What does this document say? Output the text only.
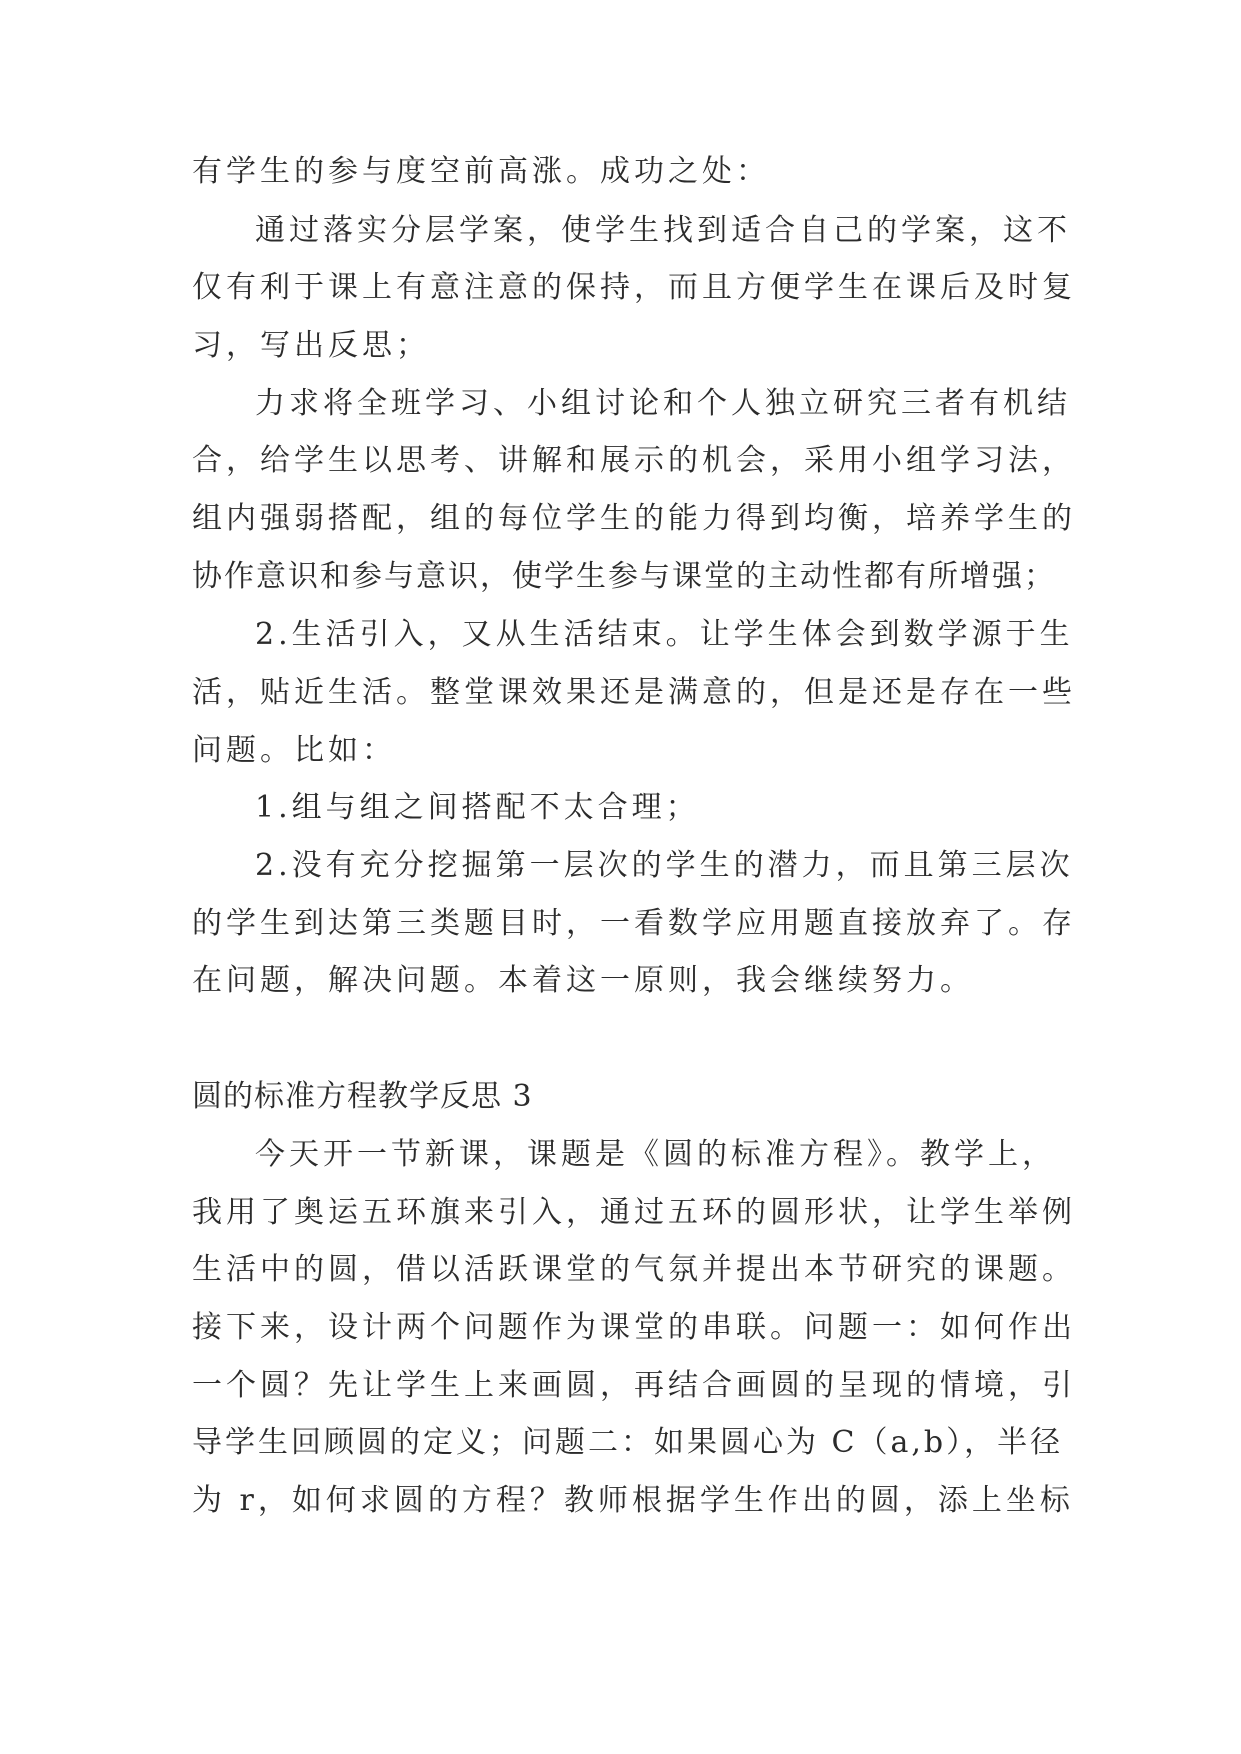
有学生的参与度空前高涨。成功之处：
通过落实分层学案，使学生找到适合自己的学案，这不
仅有利于课上有意注意的保持，而且方便学生在课后及时复
习，写出反思；
力求将全班学习、小组讨论和个人独立研究三者有机结
合，给学生以思考、讲解和展示的机会，采用小组学习法，
组内强弱搭配，组的每位学生的能力得到均衡，培养学生的
协作意识和参与意识，使学生参与课堂的主动性都有所增强；
2.生活引入，又从生活结束。让学生体会到数学源于生
活，贴近生活。整堂课效果还是满意的，但是还是存在一些
问题。比如：
1.组与组之间搭配不太合理；
2.没有充分挖掘第一层次的学生的潜力，而且第三层次
的学生到达第三类题目时，一看数学应用题直接放弃了。存
在问题，解决问题。本着这一原则，我会继续努力。
圆的标准方程教学反思 3
今天开一节新课，课题是《圆的标准方程》。教学上，
我用了奥运五环旗来引入，通过五环的圆形状，让学生举例
生活中的圆，借以活跃课堂的气氛并提出本节研究的课题。
接下来，设计两个问题作为课堂的串联。问题一：如何作出
一个圆？先让学生上来画圆，再结合画圆的呈现的情境，引
导学生回顾圆的定义；问题二：如果圆心为 C（a,b），半径
为 r，如何求圆的方程？教师根据学生作出的圆，添上坐标
